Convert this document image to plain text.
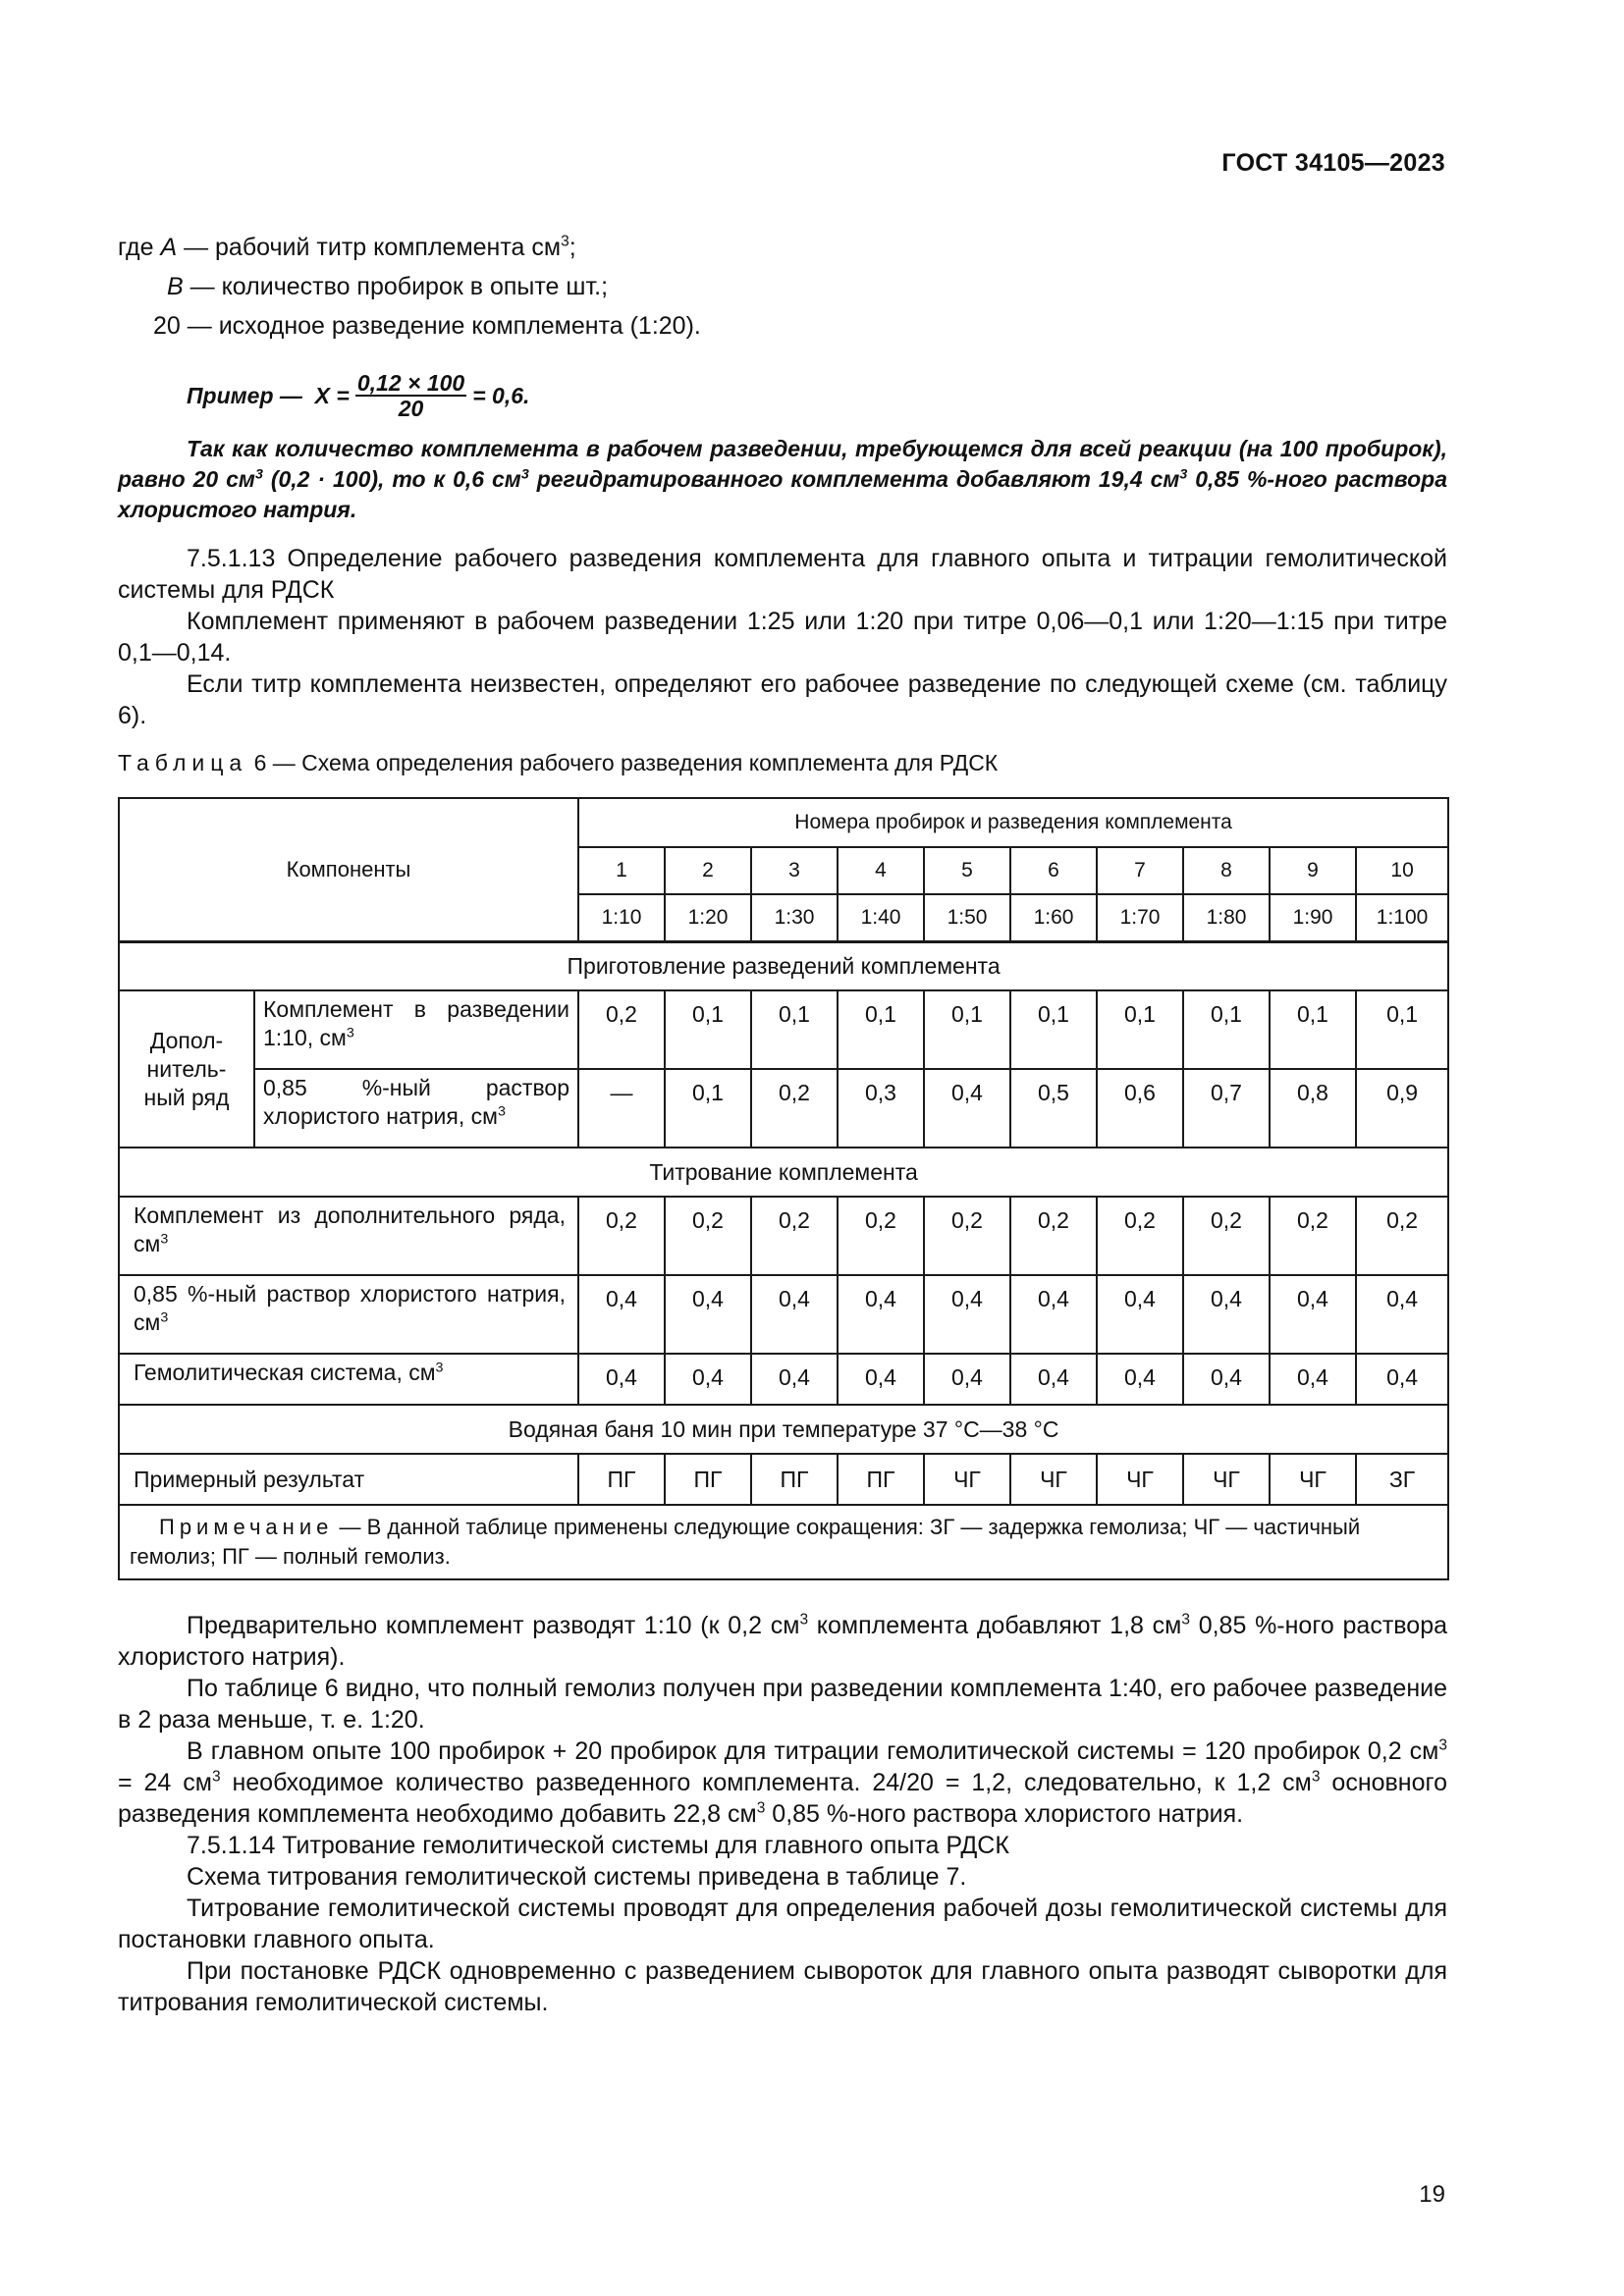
ГОСТ 34105—2023
где A — рабочий титр комплемента $см^3$;
B — количество пробирок в опыте шт.;
20 — исходное разведение комплемента (1:20).
Пример —
$X = \frac{0,12 \times 100}{20} = 0,6$.

Так как количество комплемента в рабочем разведении, требующемся для всей реакции (на 100 пробирок), равно 20 $см^3$ (0,2 · 100), то к 0,6 $см^3$ регидратированного комплемента добавляют 19,4 $см^3$ 0,85 %-ного раствора хлористого натрия.

7.5.1.13 Определение рабочего разведения комплемента для главного опыта и титрации гемолитической системы для РДСК

Комплемент применяют в рабочем разведении 1:25 или 1:20 при титре 0,06—0,1 или 1:20—1:15 при титре 0,1—0,14.

Если титр комплемента неизвестен, определяют его рабочее разведение по следующей схеме (см. таблицу 6).

Таблица 6 — Схема определения рабочего разведения комплемента для РДСК
Компоненты		Номера пробирок и разведения комплемента									
		1	2	3	4	5	6	7	8	9	10
		1:10	1:20	1:30	1:40	1:50	1:60	1:70	1:80	1:90	1:100
Приготовление разведений комплемента											
Допол-
нитель-
ный ряд	Комплемент в разведении 1:10, $см^3$	0,2	0,1	0,1	0,1	0,1	0,1	0,1	0,1	0,1	0,1
	0,85 %-ный раствор хлористого натрия, $см^3$	—	0,1	0,2	0,3	0,4	0,5	0,6	0,7	0,8	0,9
Титрование комплемента											
Комплемент из дополнительного ряда, $см^3$		0,2	0,2	0,2	0,2	0,2	0,2	0,2	0,2	0,2	0,2
0,85 %-ный раствор хлористого натрия, $см^3$		0,4	0,4	0,4	0,4	0,4	0,4	0,4	0,4	0,4	0,4
Гемолитическая система, $см^3$		0,4	0,4	0,4	0,4	0,4	0,4	0,4	0,4	0,4	0,4
Водяная баня 10 мин при температуре 37 °С—38 °С											
Примерный результат		ПГ	ПГ	ПГ	ПГ	ЧГ	ЧГ	ЧГ	ЧГ	ЧГ	ЗГ
Примечание — В данной таблице применены следующие сокращения: ЗГ — задержка гемолиза; ЧГ — частичный гемолиз; ПГ — полный гемолиз.											

Предварительно комплемент разводят 1:10 (к 0,2 $см^3$ комплемента добавляют 1,8 $см^3$ 0,85 %-ного раствора хлористого натрия).

По таблице 6 видно, что полный гемолиз получен при разведении комплемента 1:40, его рабочее разведение в 2 раза меньше, т. е. 1:20.

В главном опыте 100 пробирок + 20 пробирок для титрации гемолитической системы = 120 пробирок 0,2 $см^3 = 24$ $см^3$ необходимое количество разведенного комплемента. 24/20 = 1,2, следовательно, к 1,2 $см^3$ основного разведения комплемента необходимо добавить 22,8 $см^3$ 0,85 %-ного раствора хлористого натрия.

7.5.1.14 Титрование гемолитической системы для главного опыта РДСК

Схема титрования гемолитической системы приведена в таблице 7.

Титрование гемолитической системы проводят для определения рабочей дозы гемолитической системы для постановки главного опыта.

При постановке РДСК одновременно с разведением сывороток для главного опыта разводят сыворотки для титрования гемолитической системы.

19
